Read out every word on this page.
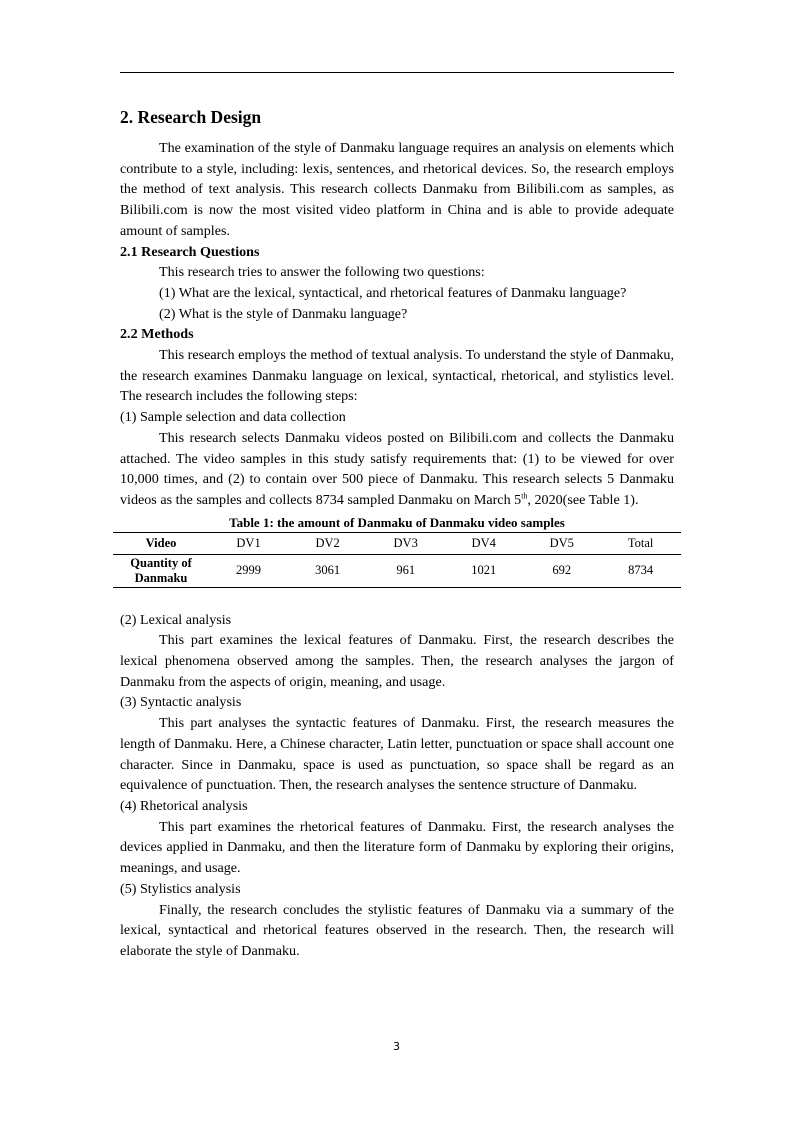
2. Research Design

The examination of the style of Danmaku language requires an analysis on elements which contribute to a style, including: lexis, sentences, and rhetorical devices. So, the research employs the method of text analysis. This research collects Danmaku from Bilibili.com as samples, as Bilibili.com is now the most visited video platform in China and is able to provide adequate amount of samples.

2.1 Research Questions

This research tries to answer the following two questions:

(1) What are the lexical, syntactical, and rhetorical features of Danmaku language?

(2) What is the style of Danmaku language?

2.2 Methods

This research employs the method of textual analysis. To understand the style of Danmaku, the research examines Danmaku language on lexical, syntactical, rhetorical, and stylistics level. The research includes the following steps:

(1) Sample selection and data collection

This research selects Danmaku videos posted on Bilibili.com and collects the Danmaku attached. The video samples in this study satisfy requirements that: (1) to be viewed for over 10,000 times, and (2) to contain over 500 piece of Danmaku. This research selects 5 Danmaku videos as the samples and collects 8734 sampled Danmaku on March 5th, 2020(see Table 1).

Table 1: the amount of Danmaku of Danmaku video samples

Video	DV1	DV2	DV3	DV4	DV5	Total
Quantity of
Danmaku	2999	3061	961	1021	692	8734

(2) Lexical analysis

This part examines the lexical features of Danmaku. First, the research describes the lexical phenomena observed among the samples. Then, the research analyses the jargon of Danmaku from the aspects of origin, meaning, and usage.

(3) Syntactic analysis

This part analyses the syntactic features of Danmaku. First, the research measures the length of Danmaku. Here, a Chinese character, Latin letter, punctuation or space shall account one character. Since in Danmaku, space is used as punctuation, so space shall be regard as an equivalence of punctuation. Then, the research analyses the sentence structure of Danmaku.

(4) Rhetorical analysis

This part examines the rhetorical features of Danmaku. First, the research analyses the devices applied in Danmaku, and then the literature form of Danmaku by exploring their origins, meanings, and usage.

(5) Stylistics analysis

Finally, the research concludes the stylistic features of Danmaku via a summary of the lexical, syntactical and rhetorical features observed in the research. Then, the research will elaborate the style of Danmaku.

3
